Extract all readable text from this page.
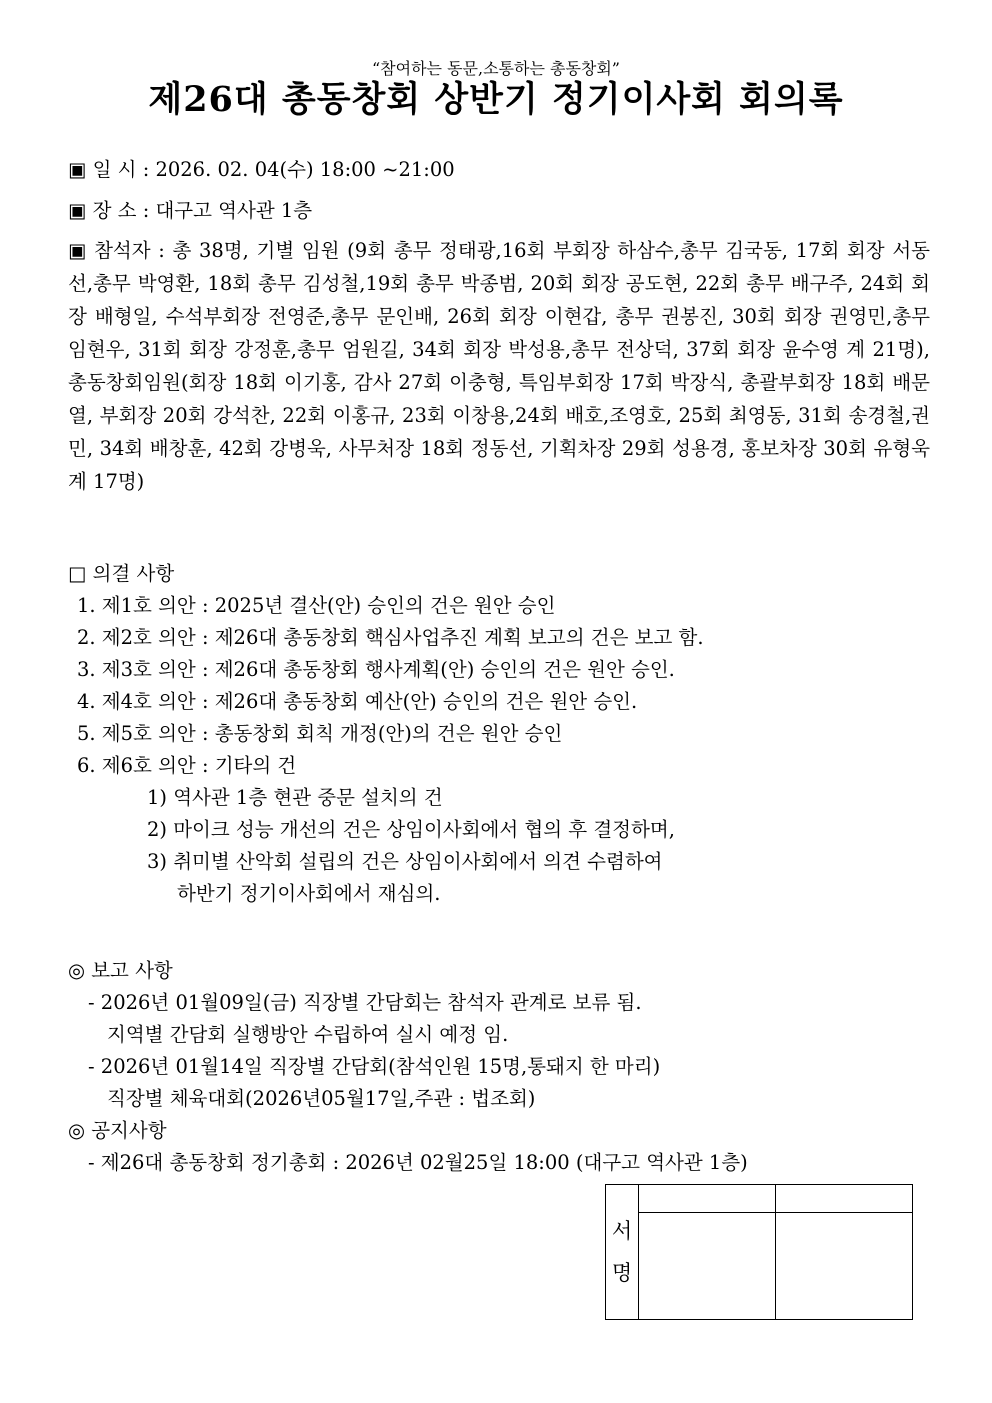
“참여하는 동문,소통하는 총동창회”
제26대 총동창회 상반기 정기이사회 회의록
▣ 일 시 : 2026. 02. 04(수) 18:00 ~21:00
▣ 장 소 : 대구고 역사관 1층
▣ 참석자 : 총 38명, 기별 임원 (9회 총무 정태광,16회 부회장 하삼수,총무 김국동, 17회 회장 서동선,총무 박영환, 18회 총무 김성철,19회 총무 박종범, 20회 회장 공도현, 22회 총무 배구주, 24회 회장 배형일, 수석부회장 전영준,총무 문인배, 26회 회장 이현갑, 총무 권봉진, 30회 회장 권영민,총무 임현우, 31회 회장 강정훈,총무 엄원길, 34회 회장 박성용,총무 전상덕, 37회 회장 윤수영 계 21명), 총동창회임원(회장 18회 이기홍, 감사 27회 이충형, 특임부회장 17회 박장식, 총괄부회장 18회 배문열, 부회장 20회 강석찬, 22회 이홍규, 23회 이창용,24회 배호,조영호, 25회 최영동, 31회 송경철,권민, 34회 배창훈, 42회 강병욱, 사무처장 18회 정동선, 기획차장 29회 성용경, 홍보차장 30회 유형욱 계 17명)
□ 의결 사항
1. 제1호 의안 : 2025년 결산(안) 승인의 건은 원안 승인
2. 제2호 의안 : 제26대 총동창회 핵심사업추진 계획 보고의 건은 보고 함.
3. 제3호 의안 : 제26대 총동창회 행사계획(안) 승인의 건은 원안 승인.
4. 제4호 의안 : 제26대 총동창회 예산(안) 승인의 건은 원안 승인.
5. 제5호 의안 : 총동창회 회칙 개정(안)의 건은 원안 승인
6. 제6호 의안 : 기타의 건
1) 역사관 1층 현관 중문 설치의 건
2) 마이크 성능 개선의 건은 상임이사회에서 협의 후 결정하며,
3) 취미별 산악회 설립의 건은 상임이사회에서 의견 수렴하여
하반기 정기이사회에서 재심의.
◎ 보고 사항
- 2026년 01월09일(금) 직장별 간담회는 참석자 관계로 보류 됨.
지역별 간담회 실행방안 수립하여 실시 예정 임.
- 2026년 01월14일 직장별 간담회(참석인원 15명,통돼지 한 마리)
직장별 체육대회(2026년05월17일,주관 : 법조회)
◎ 공지사항
- 제26대 총동창회 정기총회 : 2026년 02월25일 18:00 (대구고 역사관 1층)
서
명		
